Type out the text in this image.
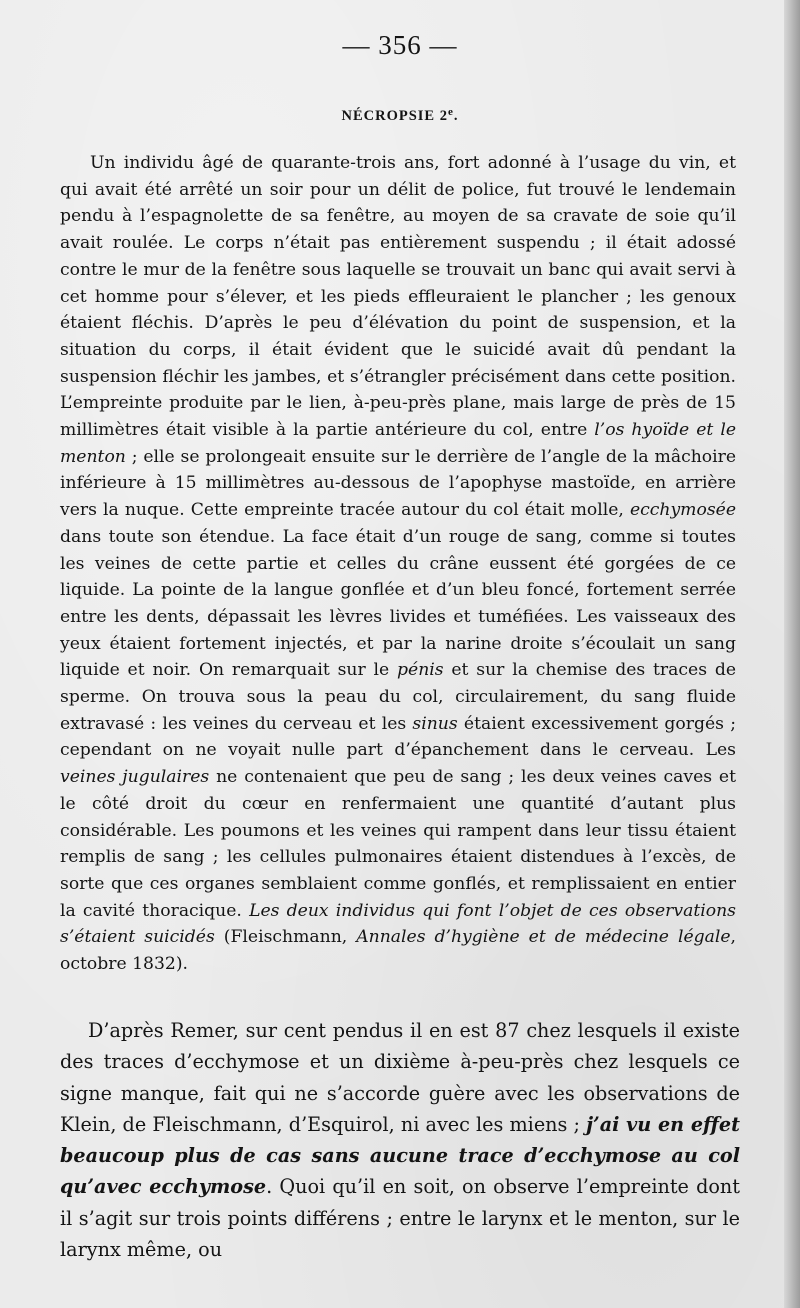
— 356 —
NÉCROPSIE 2e.

Un individu âgé de quarante-trois ans, fort adonné à l’usage du vin, et qui avait été arrêté un soir pour un délit de police, fut trouvé le lendemain pendu à l’espagnolette de sa fenêtre, au moyen de sa cravate de soie qu’il avait roulée. Le corps n’était pas entièrement suspendu ; il était adossé contre le mur de la fenêtre sous laquelle se trouvait un banc qui avait servi à cet homme pour s’élever, et les pieds effleuraient le plancher ; les genoux étaient fléchis. D’après le peu d’élévation du point de suspension, et la situation du corps, il était évident que le suicidé avait dû pendant la suspension fléchir les jambes, et s’étrangler précisément dans cette position. L’empreinte produite par le lien, à-peu-près plane, mais large de près de 15 millimètres était visible à la partie antérieure du col, entre l’os hyoïde et le menton ; elle se prolongeait ensuite sur le derrière de l’angle de la mâchoire inférieure à 15 millimètres au-dessous de l’apophyse mastoïde, en arrière vers la nuque. Cette empreinte tracée autour du col était molle, ecchymosée dans toute son étendue. La face était d’un rouge de sang, comme si toutes les veines de cette partie et celles du crâne eussent été gorgées de ce liquide. La pointe de la langue gonflée et d’un bleu foncé, fortement serrée entre les dents, dépassait les lèvres livides et tuméfiées. Les vaisseaux des yeux étaient fortement injectés, et par la narine droite s’écoulait un sang liquide et noir. On remarquait sur le pénis et sur la chemise des traces de sperme. On trouva sous la peau du col, circulairement, du sang fluide extravasé : les veines du cerveau et les sinus étaient excessivement gorgés ; cependant on ne voyait nulle part d’épanchement dans le cerveau. Les veines jugulaires ne contenaient que peu de sang ; les deux veines caves et le côté droit du cœur en renfermaient une quantité d’autant plus considérable. Les poumons et les veines qui rampent dans leur tissu étaient remplis de sang ; les cellules pulmonaires étaient distendues à l’excès, de sorte que ces organes semblaient comme gonflés, et remplissaient en entier la cavité thoracique. Les deux individus qui font l’objet de ces observations s’étaient suicidés (Fleischmann, Annales d’hygiène et de médecine légale, octobre 1832).

D’après Remer, sur cent pendus il en est 87 chez lesquels il existe des traces d’ecchymose et un dixième à-peu-près chez lesquels ce signe manque, fait qui ne s’accorde guère avec les observations de Klein, de Fleischmann, d’Esquirol, ni avec les miens ; j’ai vu en effet beaucoup plus de cas sans aucune trace d’ecchymose au col qu’avec ecchymose. Quoi qu’il en soit, on observe l’empreinte dont il s’agit sur trois points différens ; entre le larynx et le menton, sur le larynx même, ou
